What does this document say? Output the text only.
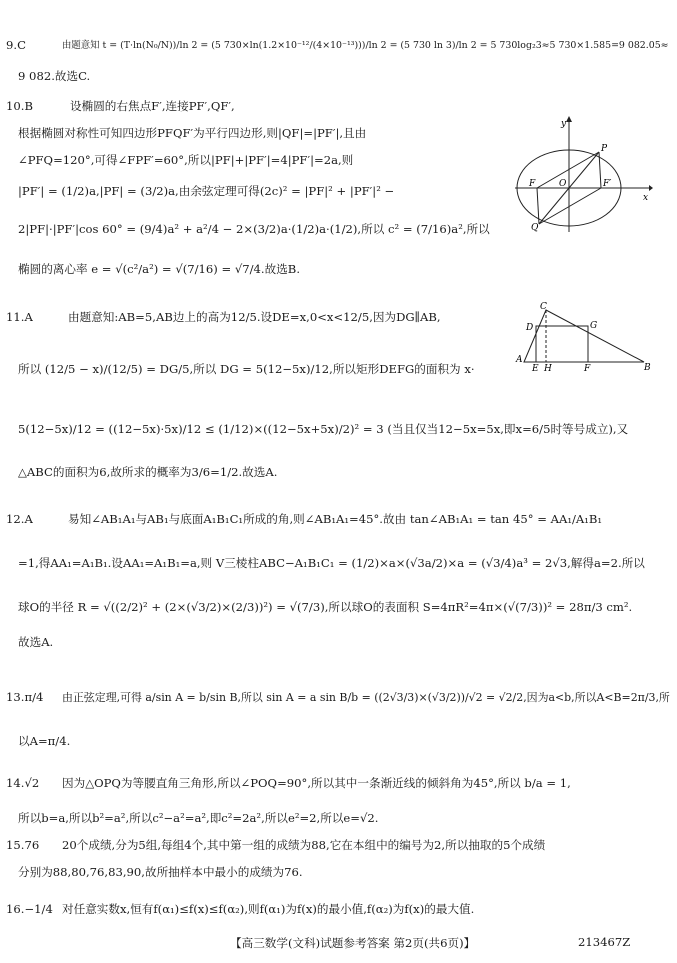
9.C	由题意知 t = (T·ln(N₀/N))/ln 2 = (5 730×ln(1.2×10⁻¹²/(4×10⁻¹³)))/ln 2 = (5 730 ln 3)/ln 2 = 5 730log₂3≈5 730×1.585=9 082.05≈
9 082.故选C.
10.B	设椭圆的右焦点F′,连接PF′,QF′,
根据椭圆对称性可知四边形PFQF′为平行四边形,则|QF|=|PF′|,且由
∠PFQ=120°,可得∠FPF′=60°,所以|PF|+|PF′|=4|PF′|=2a,则
|PF′| = (1/2)a,|PF| = (3/2)a,由余弦定理可得(2c)² = |PF|² + |PF′|² −
2|PF|·|PF′|cos 60° = (9/4)a² + a²/4 − 2×(3/2)a·(1/2)a·(1/2),所以 c² = (7/16)a²,所以
椭圆的离心率 e = √(c²/a²) = √(7/16) = √7/4.故选B.
y
x
O
P
Q
F	F′
11.A	由题意知:AB=5,AB边上的高为12/5.设DE=x,0<x<12/5,因为DG∥AB,
所以 (12/5 − x)/(12/5) = DG/5,所以 DG = 5(12−5x)/12,所以矩形DEFG的面积为 x·
5(12−5x)/12 = ((12−5x)·5x)/12 ≤ (1/12)×((12−5x+5x)/2)² = 3 (当且仅当12−5x=5x,即x=6/5时等号成立),又
△ABC的面积为6,故所求的概率为3/6=1/2.故选A.
C
D	G
A
E H	F	B
12.A	易知∠AB₁A₁与AB₁与底面A₁B₁C₁所成的角,则∠AB₁A₁=45°.故由 tan∠AB₁A₁ = tan 45° = AA₁/A₁B₁
=1,得AA₁=A₁B₁.设AA₁=A₁B₁=a,则 V三棱柱ABC−A₁B₁C₁ = (1/2)×a×(√3a/2)×a = (√3/4)a³ = 2√3,解得a=2.所以
球O的半径 R = √((2/2)² + (2×(√3/2)×(2/3))²) = √(7/3),所以球O的表面积 S=4πR²=4π×(√(7/3))² = 28π/3 cm².
故选A.
13.π/4 由正弦定理,可得 a/sin A = b/sin B,所以 sin A = a sin B/b = ((2√3/3)×(√3/2))/√2 = √2/2,因为a<b,所以A<B=2π/3,所
以A=π/4.
14.√2 因为△OPQ为等腰直角三角形,所以∠POQ=90°,所以其中一条渐近线的倾斜角为45°,所以 b/a = 1,
所以b=a,所以b²=a²,所以c²−a²=a²,即c²=2a²,所以e²=2,所以e=√2.
15.76 20个成绩,分为5组,每组4个,其中第一组的成绩为88,它在本组中的编号为2,所以抽取的5个成绩
分别为88,80,76,83,90,故所抽样本中最小的成绩为76.
16.−1/4 对任意实数x,恒有f(α₁)≤f(x)≤f(α₂),则f(α₁)为f(x)的最小值,f(α₂)为f(x)的最大值.
【高三数学(文科)试题参考答案 第2页(共6页)】	213467Z
